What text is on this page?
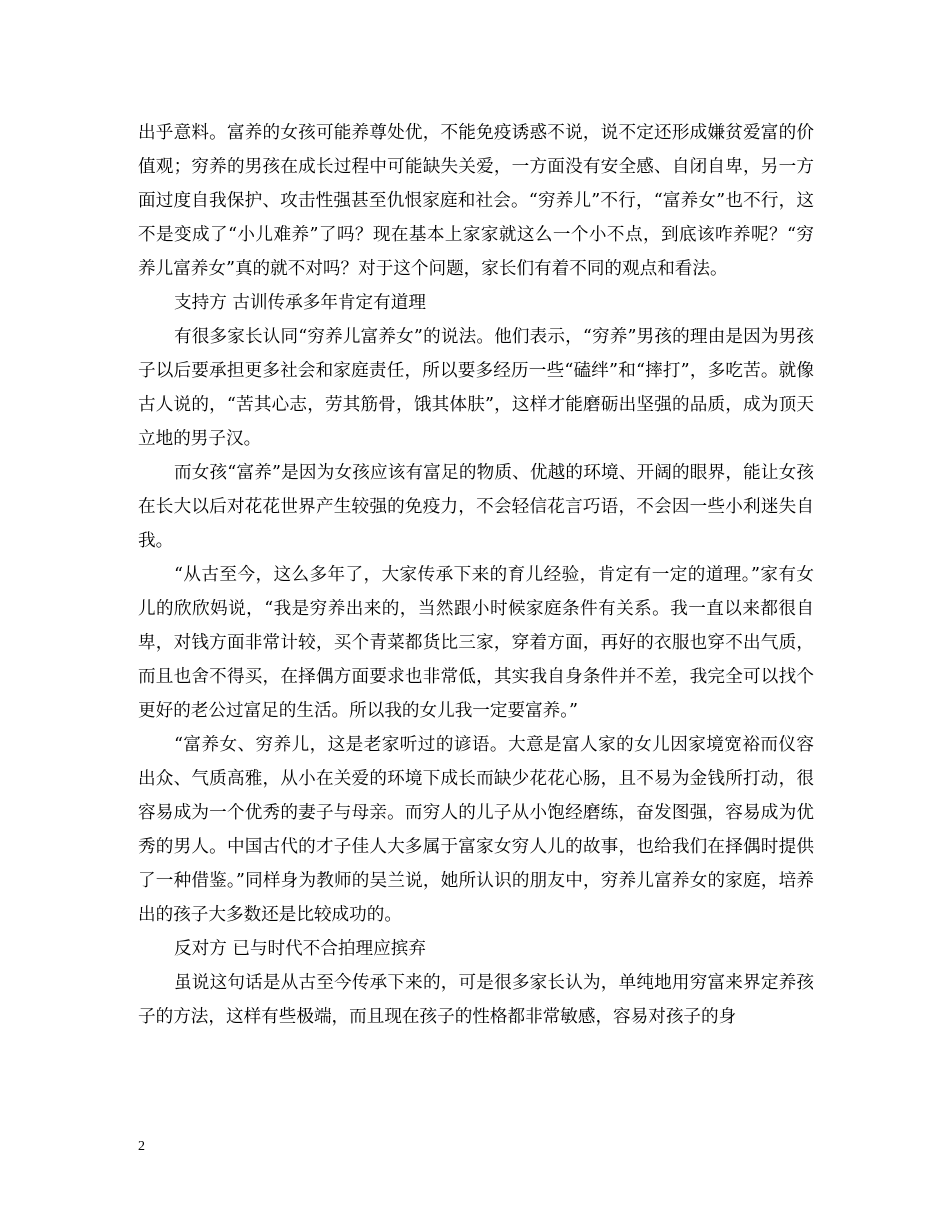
出乎意料。富养的女孩可能养尊处优，不能免疫诱惑不说，说不定还形成嫌贫爱富的价值观；穷养的男孩在成长过程中可能缺失关爱，一方面没有安全感、自闭自卑，另一方面过度自我保护、攻击性强甚至仇恨家庭和社会。“穷养儿”不行，“富养女”也不行，这不是变成了“小儿难养”了吗？现在基本上家家就这么一个小不点，到底该咋养呢？“穷养儿富养女”真的就不对吗？对于这个问题，家长们有着不同的观点和看法。

支持方 古训传承多年肯定有道理

有很多家长认同“穷养儿富养女”的说法。他们表示，“穷养”男孩的理由是因为男孩子以后要承担更多社会和家庭责任，所以要多经历一些“磕绊”和“摔打”，多吃苦。就像古人说的，“苦其心志，劳其筋骨，饿其体肤”，这样才能磨砺出坚强的品质，成为顶天立地的男子汉。

而女孩“富养”是因为女孩应该有富足的物质、优越的环境、开阔的眼界，能让女孩在长大以后对花花世界产生较强的免疫力，不会轻信花言巧语，不会因一些小利迷失自我。

“从古至今，这么多年了，大家传承下来的育儿经验，肯定有一定的道理。”家有女儿的欣欣妈说，“我是穷养出来的，当然跟小时候家庭条件有关系。我一直以来都很自卑，对钱方面非常计较，买个青菜都货比三家，穿着方面，再好的衣服也穿不出气质，而且也舍不得买，在择偶方面要求也非常低，其实我自身条件并不差，我完全可以找个更好的老公过富足的生活。所以我的女儿我一定要富养。”

“富养女、穷养儿，这是老家听过的谚语。大意是富人家的女儿因家境宽裕而仪容出众、气质高雅，从小在关爱的环境下成长而缺少花花心肠，且不易为金钱所打动，很容易成为一个优秀的妻子与母亲。而穷人的儿子从小饱经磨练，奋发图强，容易成为优秀的男人。中国古代的才子佳人大多属于富家女穷人儿的故事，也给我们在择偶时提供了一种借鉴。”同样身为教师的吴兰说，她所认识的朋友中，穷养儿富养女的家庭，培养出的孩子大多数还是比较成功的。

反对方 已与时代不合拍理应摈弃

虽说这句话是从古至今传承下来的，可是很多家长认为，单纯地用穷富来界定养孩子的方法，这样有些极端，而且现在孩子的性格都非常敏感，容易对孩子的身

2
